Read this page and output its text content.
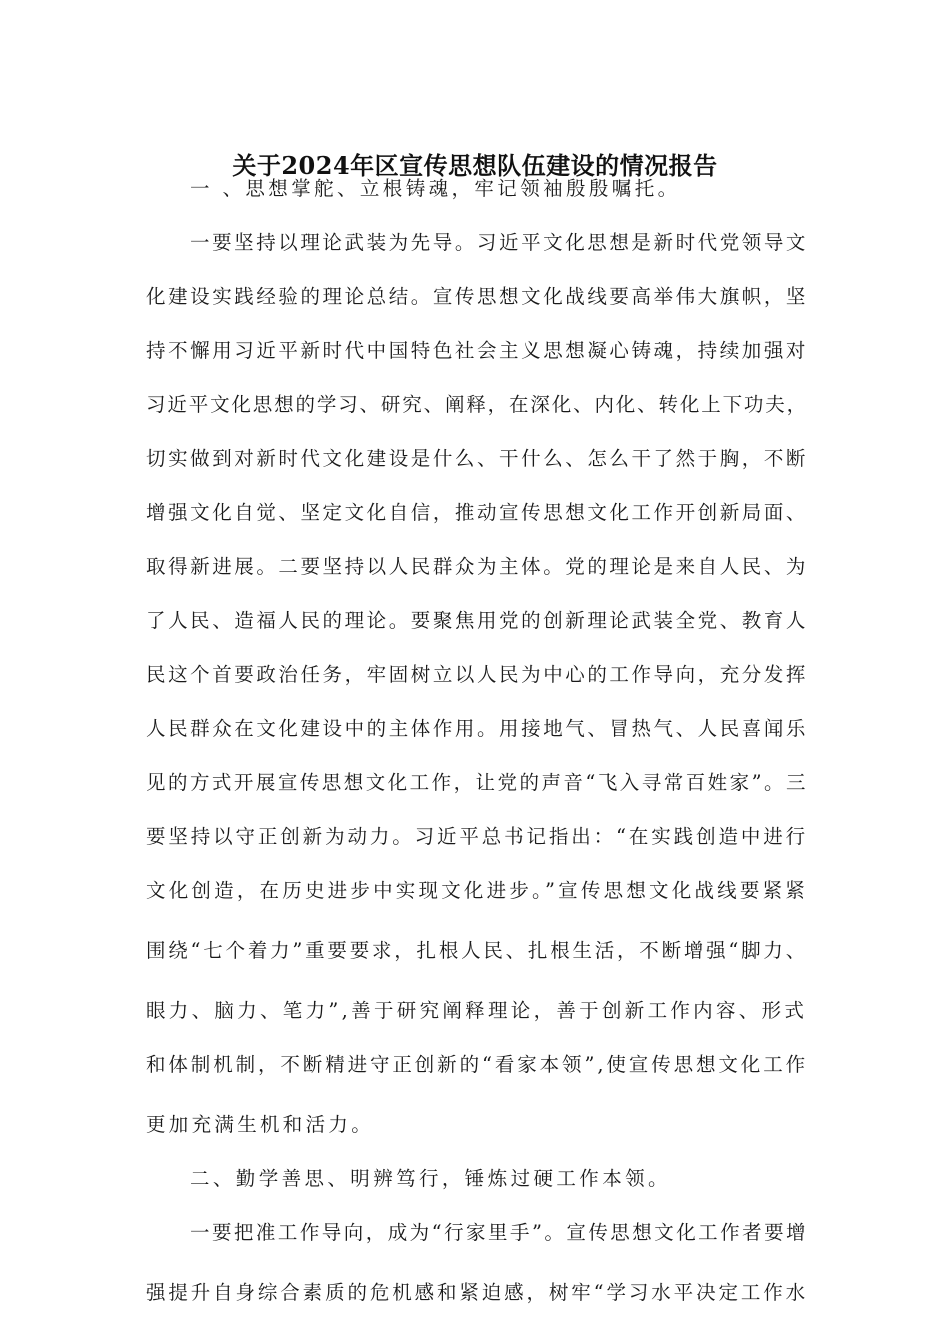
关于2024年区宣传思想队伍建设的情况报告
一 、思想掌舵、立根铸魂，牢记领袖殷殷嘱托。
一要坚持以理论武装为先导。习近平文化思想是新时代党领导文
化建设实践经验的理论总结。宣传思想文化战线要高举伟大旗帜，坚
持不懈用习近平新时代中国特色社会主义思想凝心铸魂，持续加强对
习近平文化思想的学习、研究、阐释，在深化、内化、转化上下功夫，
切实做到对新时代文化建设是什么、干什么、怎么干了然于胸，不断
增强文化自觉、坚定文化自信，推动宣传思想文化工作开创新局面、
取得新进展。二要坚持以人民群众为主体。党的理论是来自人民、为
了人民、造福人民的理论。要聚焦用党的创新理论武装全党、教育人
民这个首要政治任务，牢固树立以人民为中心的工作导向，充分发挥
人民群众在文化建设中的主体作用。用接地气、冒热气、人民喜闻乐
见的方式开展宣传思想文化工作，让党的声音“飞入寻常百姓家”。三
要坚持以守正创新为动力。习近平总书记指出：“在实践创造中进行
文化创造，在历史进步中实现文化进步。”宣传思想文化战线要紧紧
围绕“七个着力”重要要求，扎根人民、扎根生活，不断增强“脚力、
眼力、脑力、笔力”,善于研究阐释理论，善于创新工作内容、形式
和体制机制，不断精进守正创新的“看家本领”,使宣传思想文化工作
更加充满生机和活力。
二、勤学善思、明辨笃行，锤炼过硬工作本领。
一要把准工作导向，成为“行家里手”。宣传思想文化工作者要增
强提升自身综合素质的危机感和紧迫感，树牢“学习水平决定工作水
